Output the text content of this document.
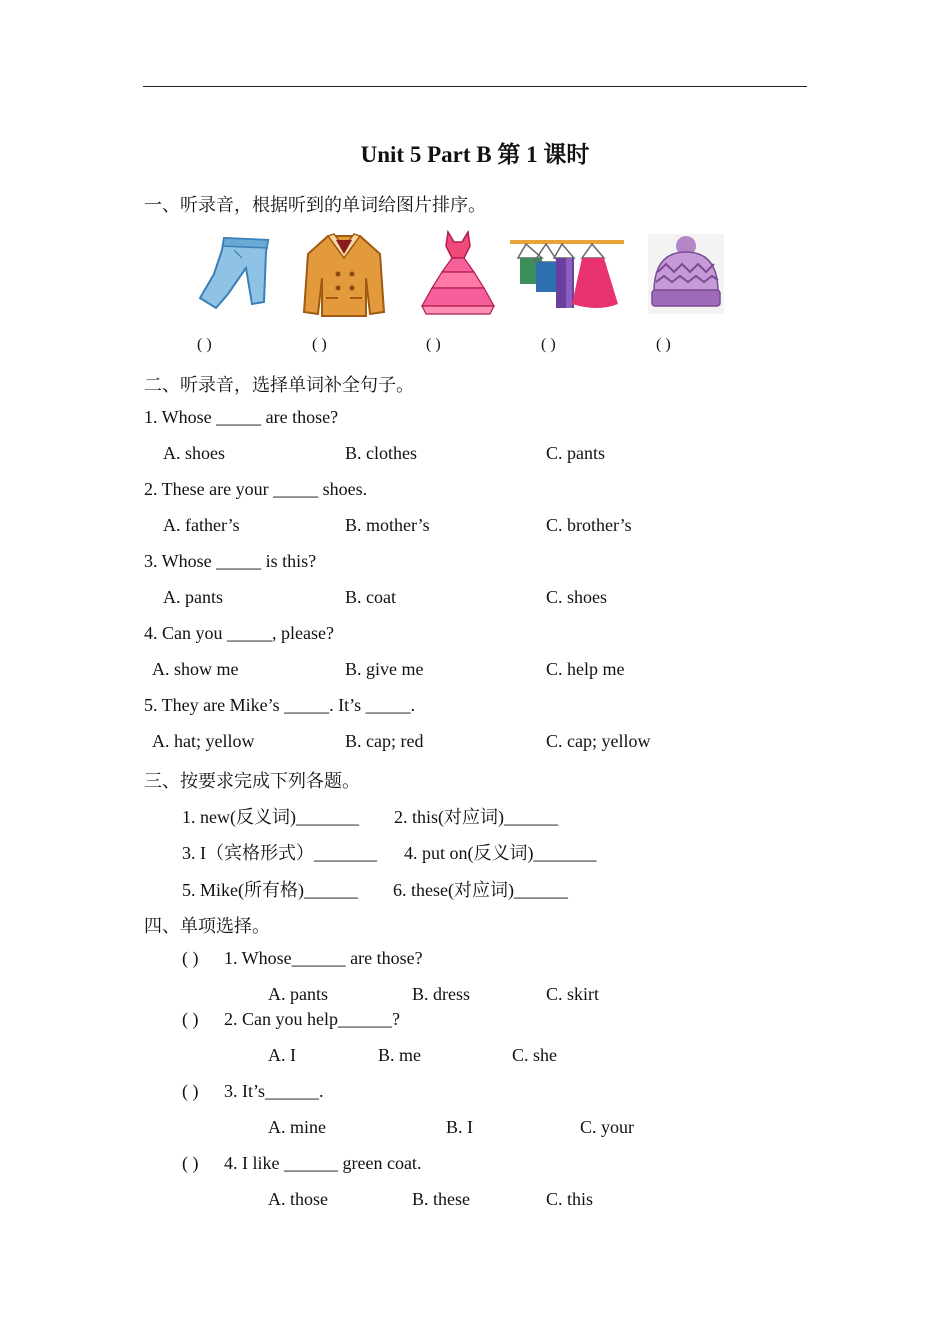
Unit 5 Part B 第 1 课时
一、听录音，根据听到的单词给图片排序。
( )	( )	( )	( )	( )
二、听录音，选择单词补全句子。
1. Whose _____ are those?
A. shoes	B. clothes	C. pants
2. These are your _____ shoes.
A. father’s	B. mother’s	C. brother’s
3. Whose _____ is this?
A. pants	B. coat	C. shoes
4. Can you _____, please?
A. show me	B. give me	C. help me
5. They are Mike’s _____. It’s _____.
A. hat; yellow	B. cap; red	C. cap; yellow
三、按要求完成下列各题。
1. new(反义词)_______ 2. this(对应词)______
3. I（宾格形式）_______ 4. put on(反义词)_______
5. Mike(所有格)______ 6. these(对应词)______
四、单项选择。
( ) 1. Whose______ are those?
A. pants	B. dress	C. skirt
( ) 2. Can you help______?
A. I	B. me	C. she
( ) 3. It’s______.
A. mine	B. I	C. your
( ) 4. I like ______ green coat.
A. those	B. these	C. this
